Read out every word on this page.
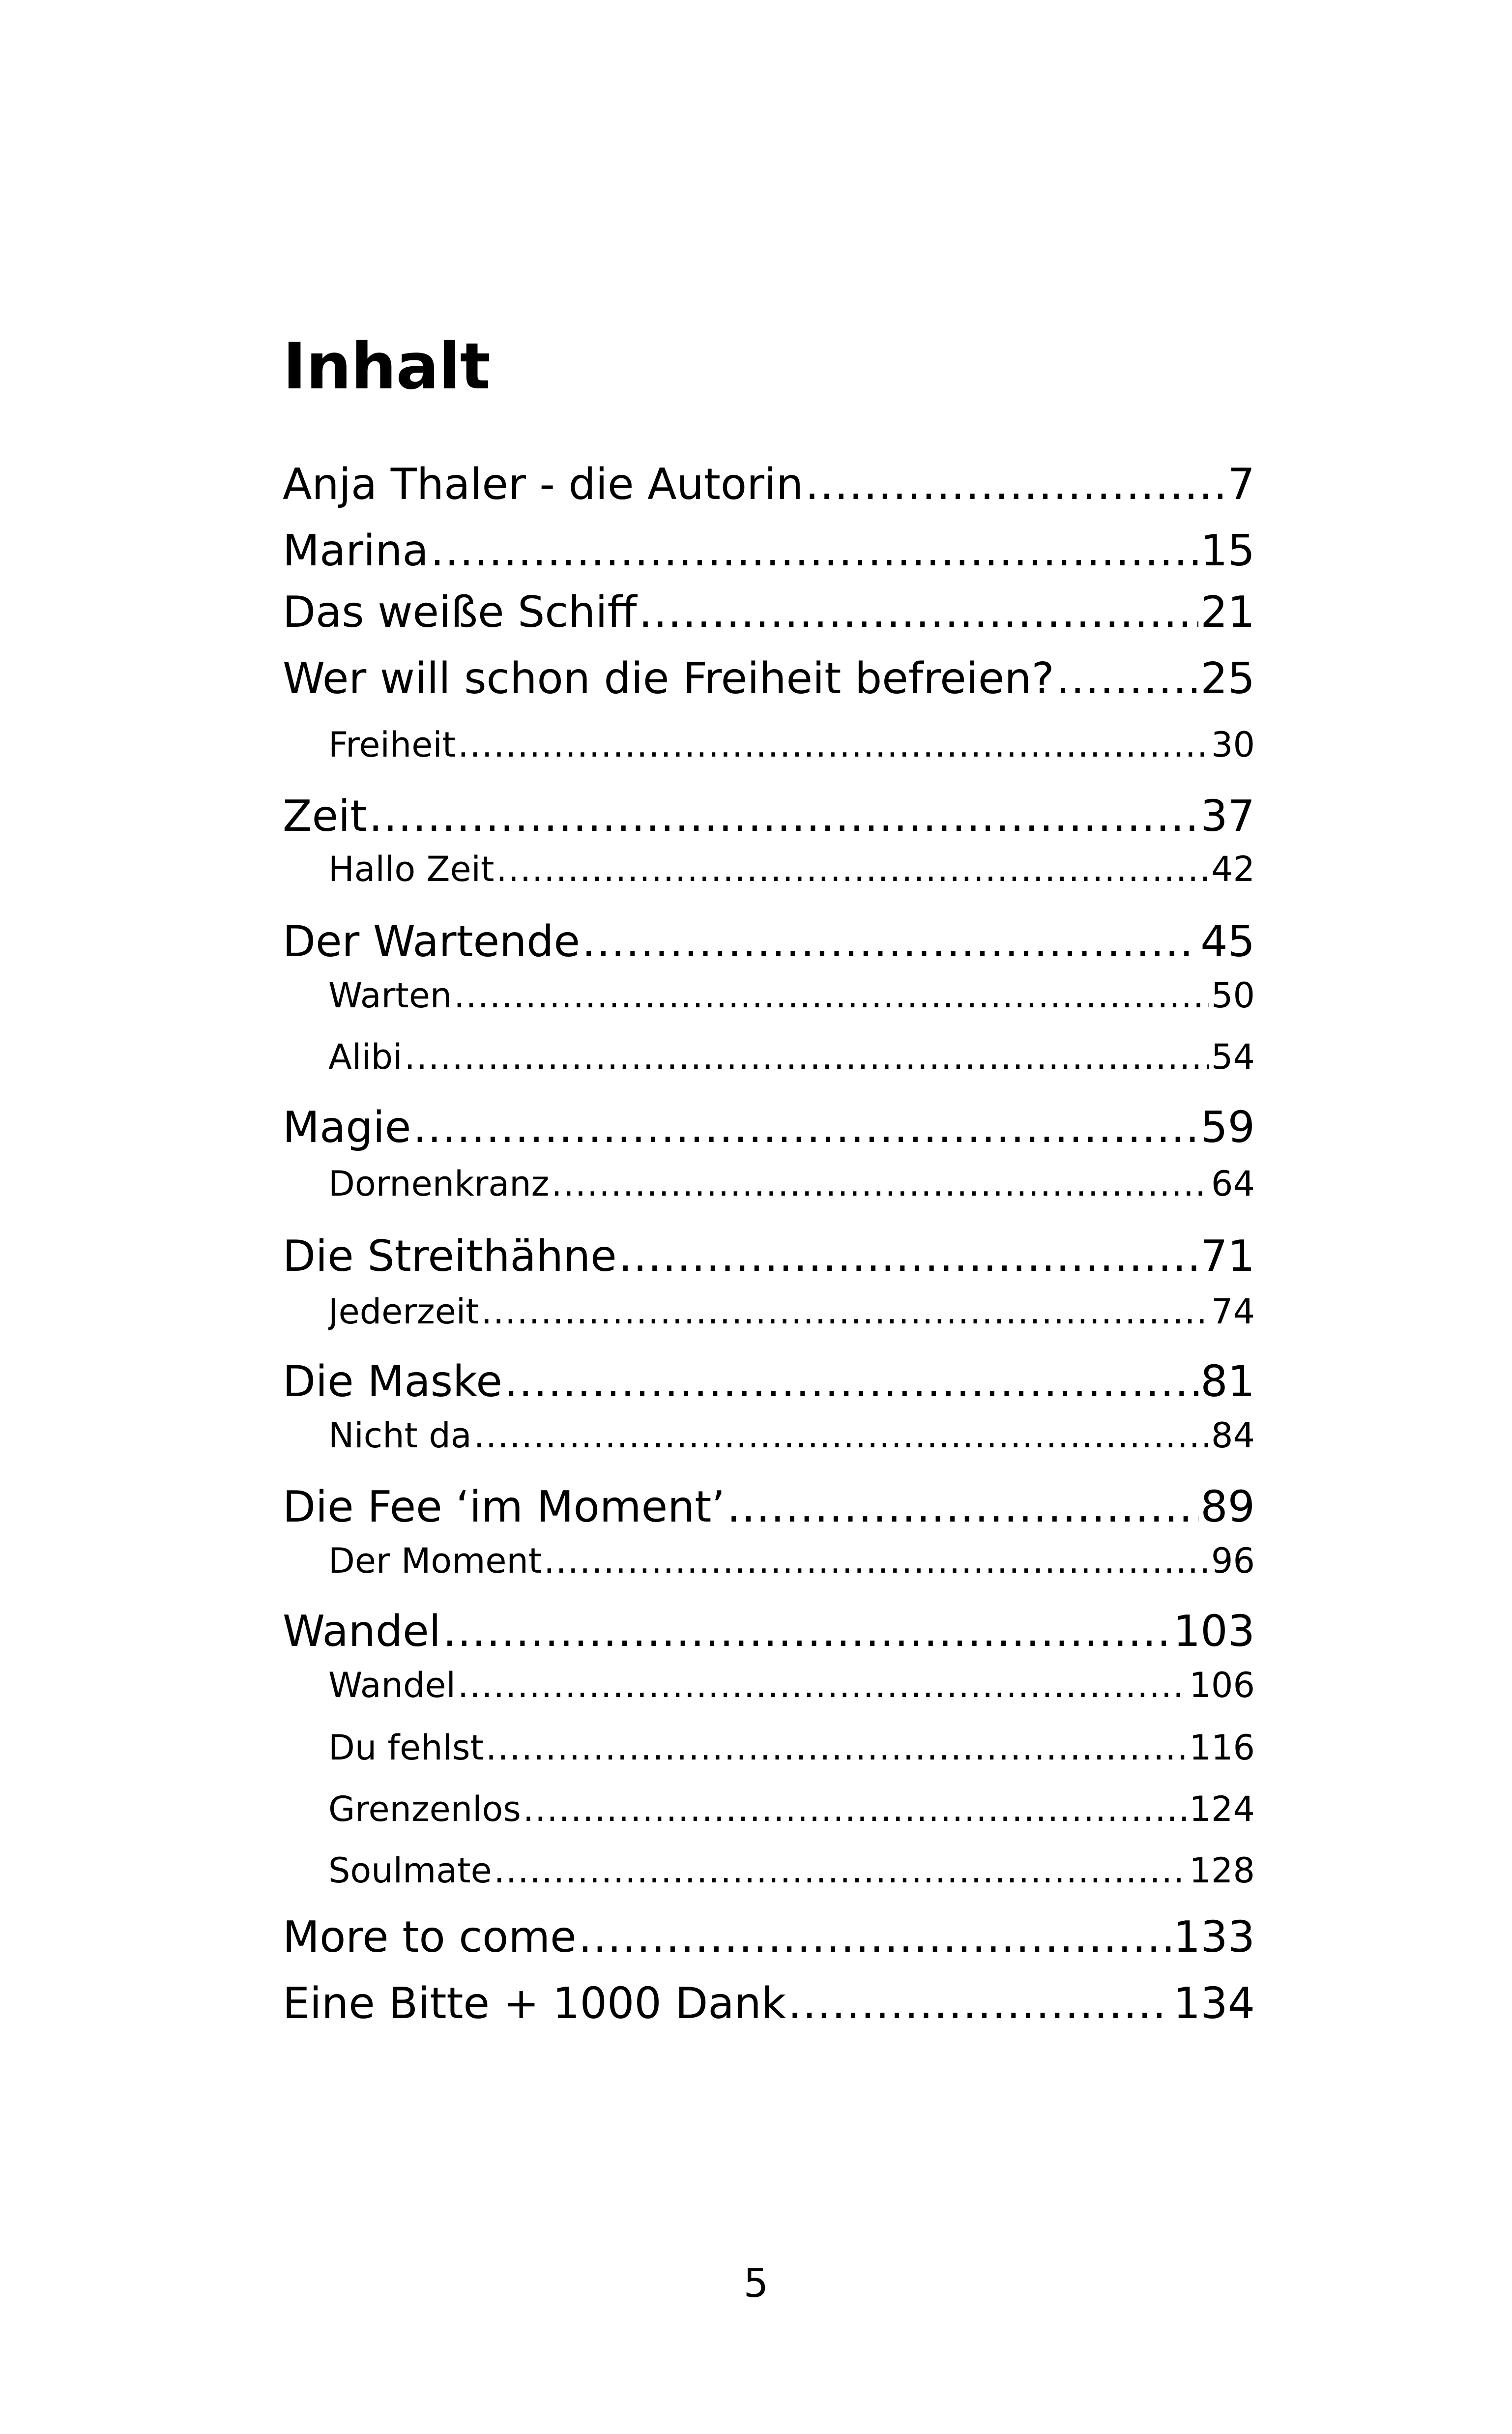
Inhalt
Anja Thaler - die Autorin .....	7
Marina .....	15
Das weiße Schiff .....	21
Wer will schon die Freiheit befreien? .....	25
Freiheit .....	30
Zeit .....	37
Hallo Zeit .....	42
Der Wartende .....	45
Warten .....	50
Alibi .....	54
Magie .....	59
Dornenkranz .....	64
Die Streithähne .....	71
Jederzeit .....	74
Die Maske .....	81
Nicht da .....	84
Die Fee ‘im Moment’ .....	89
Der Moment .....	96
Wandel .....	103
Wandel .....	106
Du fehlst .....	116
Grenzenlos .....	124
Soulmate .....	128
More to come .....	133
Eine Bitte + 1000 Dank .....	134
5
